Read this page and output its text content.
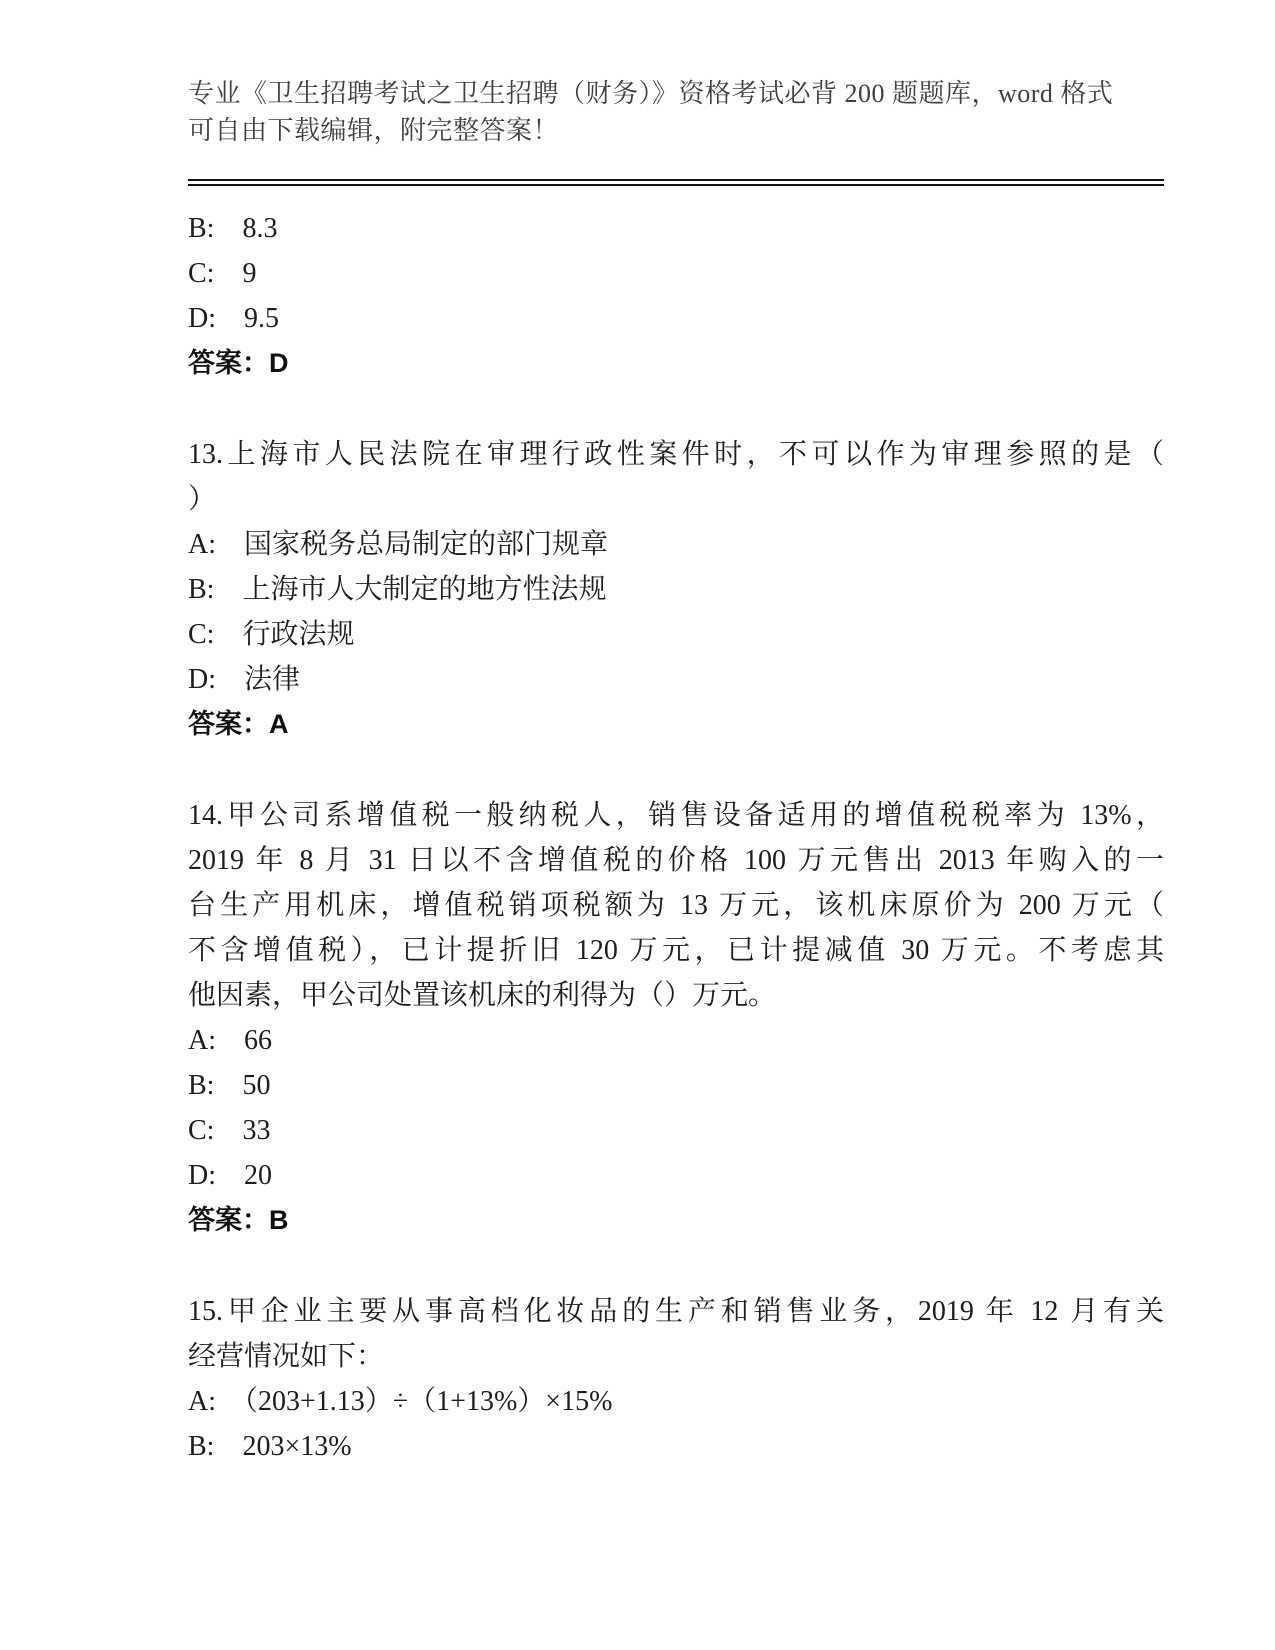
专业《卫生招聘考试之卫生招聘（财务）》资格考试必背 200 题题库，word 格式
可自由下载编辑，附完整答案！
B:　8.3
C:　9
D:　9.5
答案：D
13.上海市人民法院在审理行政性案件时，不可以作为审理参照的是（
）
A:　国家税务总局制定的部门规章
B:　上海市人大制定的地方性法规
C:　行政法规
D:　法律
答案：A
14.甲公司系增值税一般纳税人，销售设备适用的增值税税率为 13%，
2019 年 8 月 31 日以不含增值税的价格 100 万元售出 2013 年购入的一
台生产用机床，增值税销项税额为 13 万元，该机床原价为 200 万元（
不含增值税），已计提折旧 120 万元，已计提减值 30 万元。不考虑其
他因素，甲公司处置该机床的利得为（）万元。
A:　66
B:　50
C:　33
D:　20
答案：B
15.甲企业主要从事高档化妆品的生产和销售业务，2019 年 12 月有关
经营情况如下：
A:　（203+1.13）÷（1+13%）×15%
B:　203×13%
